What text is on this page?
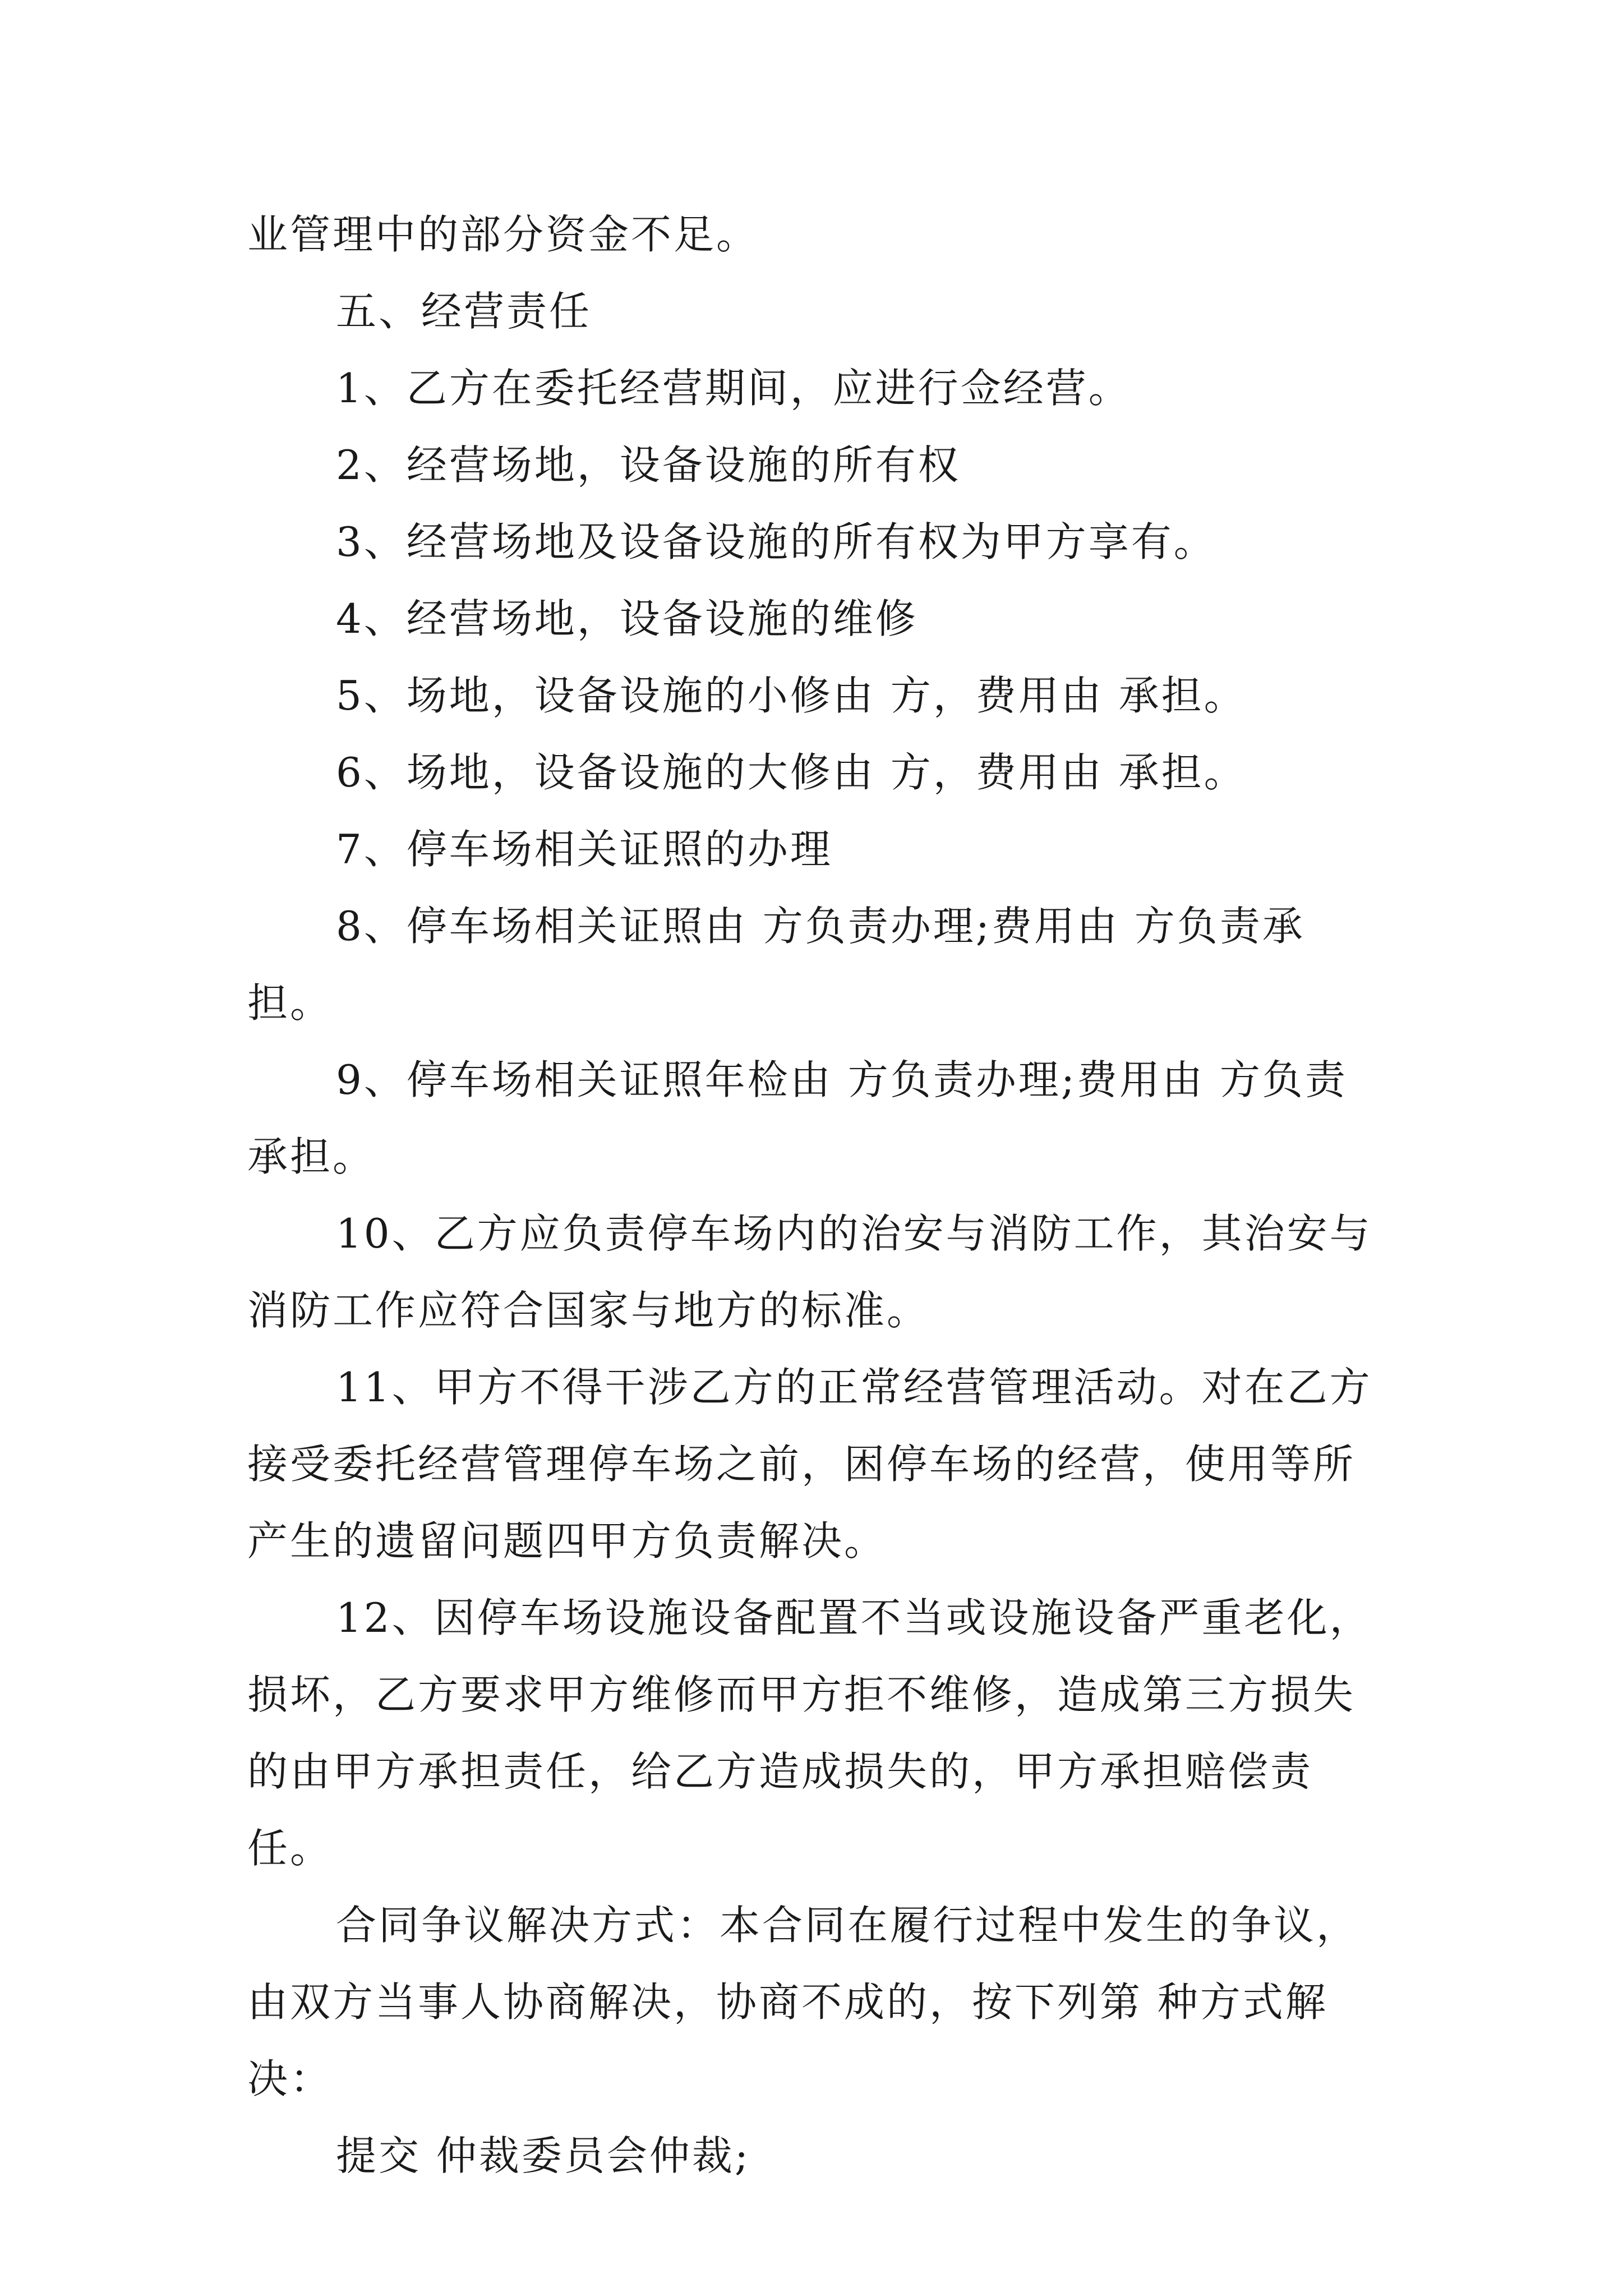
业管理中的部分资金不足。

五、经营责任

1、乙方在委托经营期间，应进行佥经营。

2、经营场地，设备设施的所有权

3、经营场地及设备设施的所有权为甲方享有。

4、经营场地，设备设施的维修

5、场地，设备设施的小修由 方，费用由 承担。

6、场地，设备设施的大修由 方，费用由 承担。

7、停车场相关证照的办理

8、停车场相关证照由 方负责办理;费用由 方负责承担。

9、停车场相关证照年检由 方负责办理;费用由 方负责承担。

10、乙方应负责停车场内的治安与消防工作，其治安与消防工作应符合国家与地方的标准。

11、甲方不得干涉乙方的正常经营管理活动。对在乙方接受委托经营管理停车场之前，困停车场的经营，使用等所产生的遗留问题四甲方负责解决。

12、因停车场设施设备配置不当或设施设备严重老化，损坏，乙方要求甲方维修而甲方拒不维修，造成第三方损失的由甲方承担责任，给乙方造成损失的，甲方承担赔偿责任。

合同争议解决方式：本合同在履行过程中发生的争议，由双方当事人协商解决，协商不成的，按下列第 种方式解决：

提交 仲裁委员会仲裁;
